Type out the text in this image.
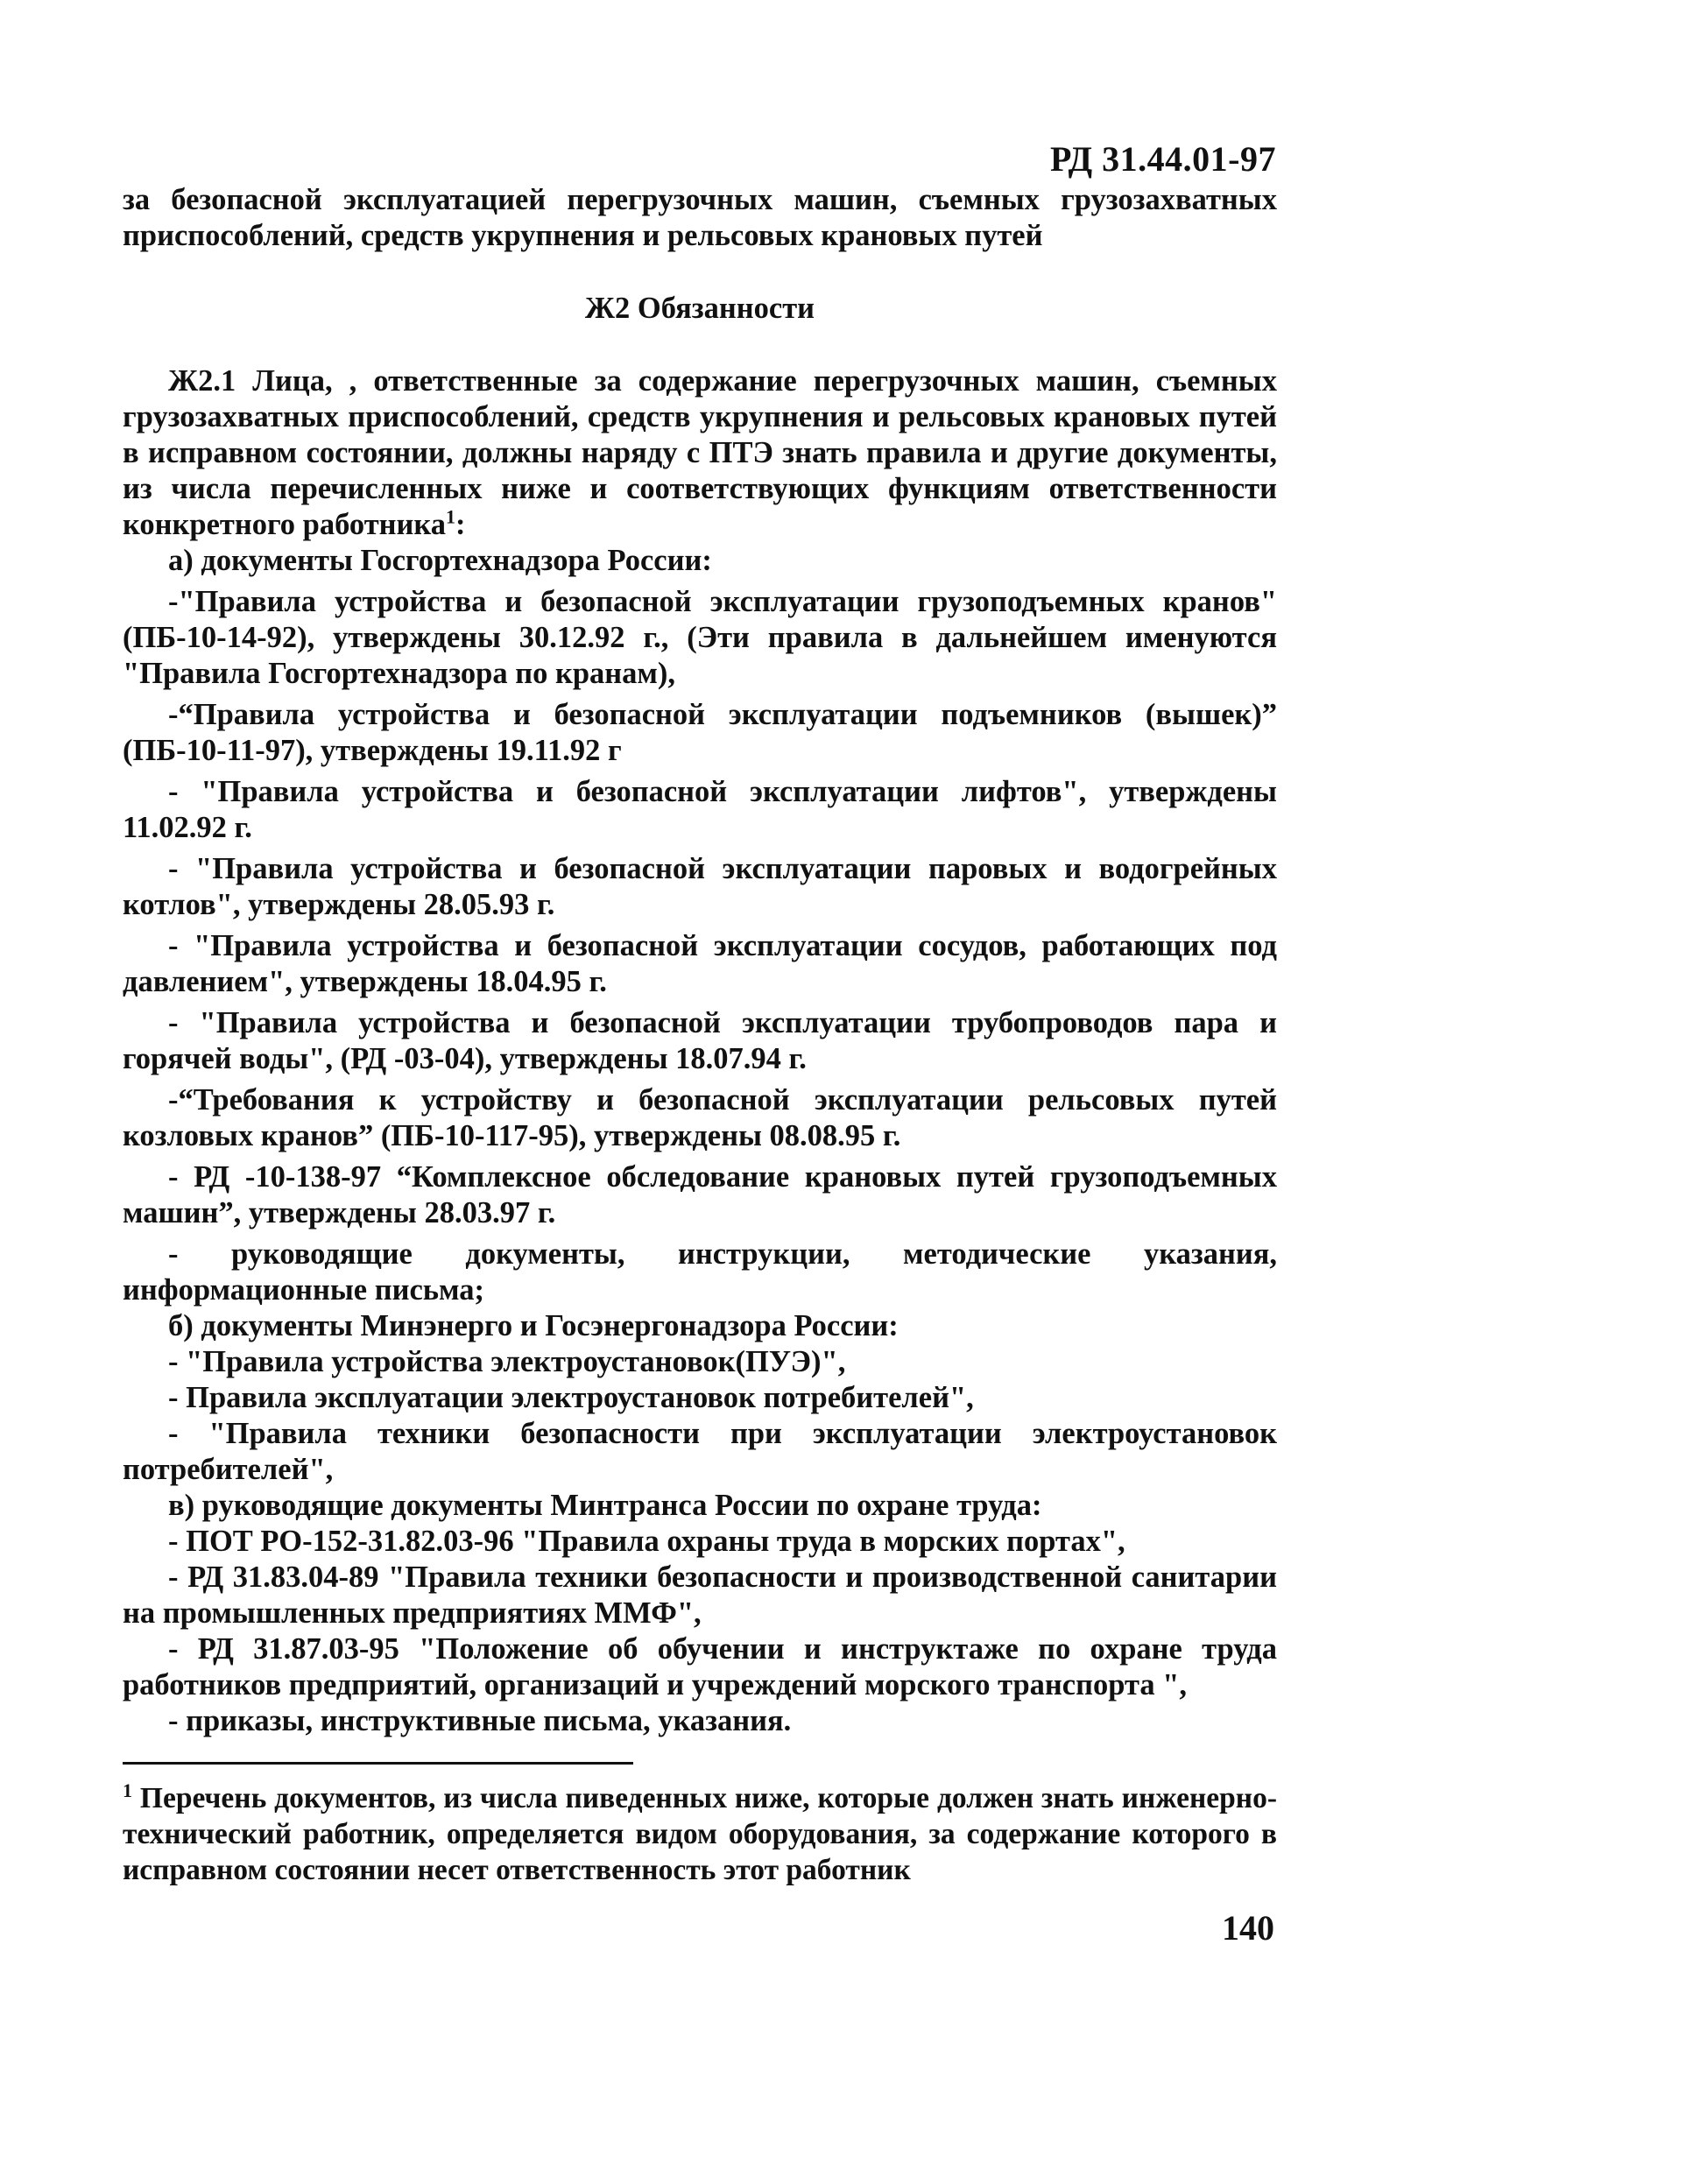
РД 31.44.01-97

за безопасной эксплуатацией перегрузочных машин, съемных грузозахватных приспособлений, средств укрупнения и рельсовых крановых путей

Ж2 Обязанности

Ж2.1 Лица, , ответственные за содержание перегрузочных машин, съемных грузозахватных приспособлений, средств укрупнения и рельсовых крановых путей в исправном состоянии, должны наряду с ПТЭ знать правила и другие документы, из числа перечисленных ниже и соответствующих функциям ответственности конкретного работника$^1$:

а) документы Госгортехнадзора России:

-"Правила устройства и безопасной эксплуатации грузоподъемных кранов"(ПБ-10-14-92), утверждены 30.12.92 г., (Эти правила в дальнейшем именуются "Правила Госгортехнадзора по кранам),

-“Правила устройства и безопасной эксплуатации подъемников (вышек)” (ПБ-10-11-97), утверждены 19.11.92 г

- "Правила устройства и безопасной эксплуатации лифтов", утверждены 11.02.92 г.

- "Правила устройства и безопасной эксплуатации паровых и водогрейных котлов", утверждены 28.05.93 г.

- "Правила устройства и безопасной эксплуатации сосудов, работающих под давлением", утверждены 18.04.95 г.

- "Правила устройства и безопасной эксплуатации трубопроводов пара и горячей воды", (РД -03-04), утверждены 18.07.94 г.

-“Требования к устройству и безопасной эксплуатации рельсовых путей козловых кранов” (ПБ-10-117-95), утверждены 08.08.95 г.

- РД -10-138-97 “Комплексное обследование крановых путей грузоподъемных машин”, утверждены 28.03.97 г.

- руководящие документы, инструкции, методические указания, информационные письма;

б) документы Минэнерго и Госэнергонадзора России:

- "Правила устройства электроустановок(ПУЭ)",

- Правила эксплуатации электроустановок потребителей",

- "Правила техники безопасности при эксплуатации электроустановок потребителей",

в) руководящие документы Минтранса России по охране труда:

- ПОТ РО-152-31.82.03-96 "Правила охраны труда в морских портах",

- РД 31.83.04-89 "Правила техники безопасности и производственной санитарии на промышленных предприятиях ММФ",

- РД 31.87.03-95 "Положение об обучении и инструктаже по охране труда работников предприятий, организаций и учреждений морского транспорта ",

- приказы, инструктивные письма, указания.

$^1$ Перечень документов, из числа пиведенных ниже, которые должен знать инженерно-технический работник, определяется видом оборудования, за содержание которого в исправном состоянии несет ответственность этот работник

140
